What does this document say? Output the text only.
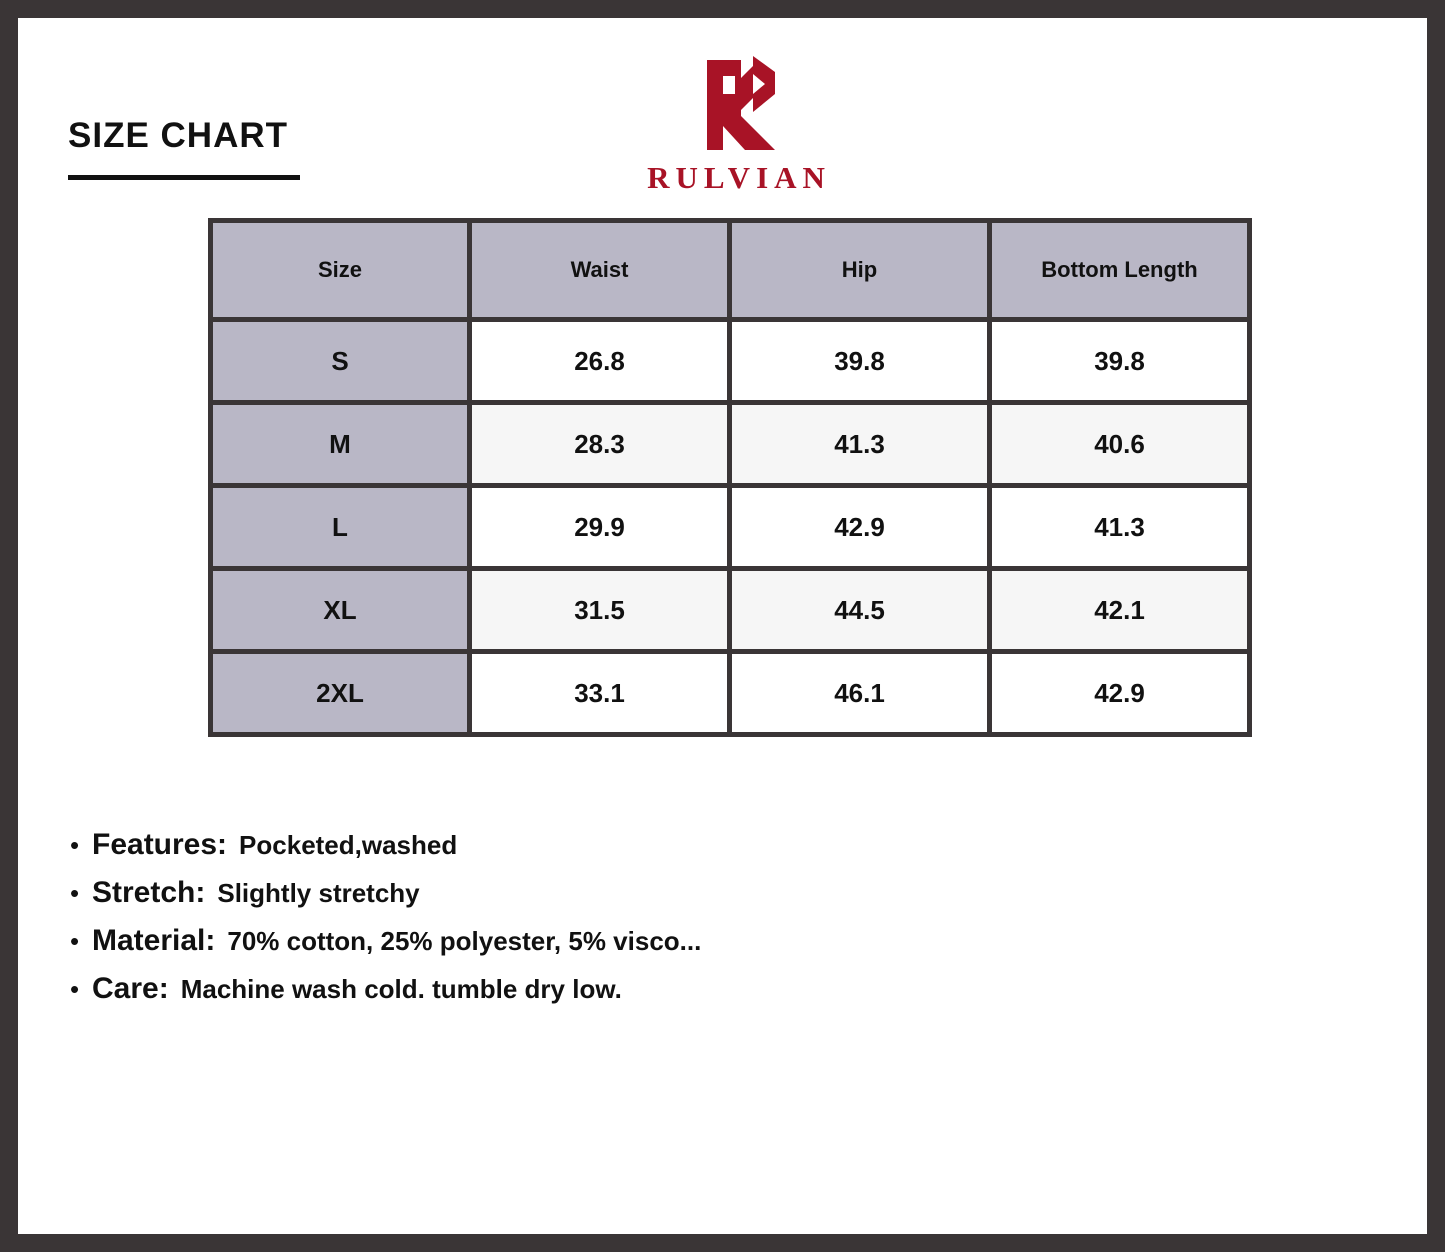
SIZE CHART
RULVIAN
Size	Waist	Hip	Bottom Length
S	26.8	39.8	39.8
M	28.3	41.3	40.6
L	29.9	42.9	41.3
XL	31.5	44.5	42.1
2XL	33.1	46.1	42.9
• Features: Pocketed,washed
• Stretch: Slightly stretchy
• Material: 70% cotton, 25% polyester, 5% visco...
• Care: Machine wash cold. tumble dry low.
